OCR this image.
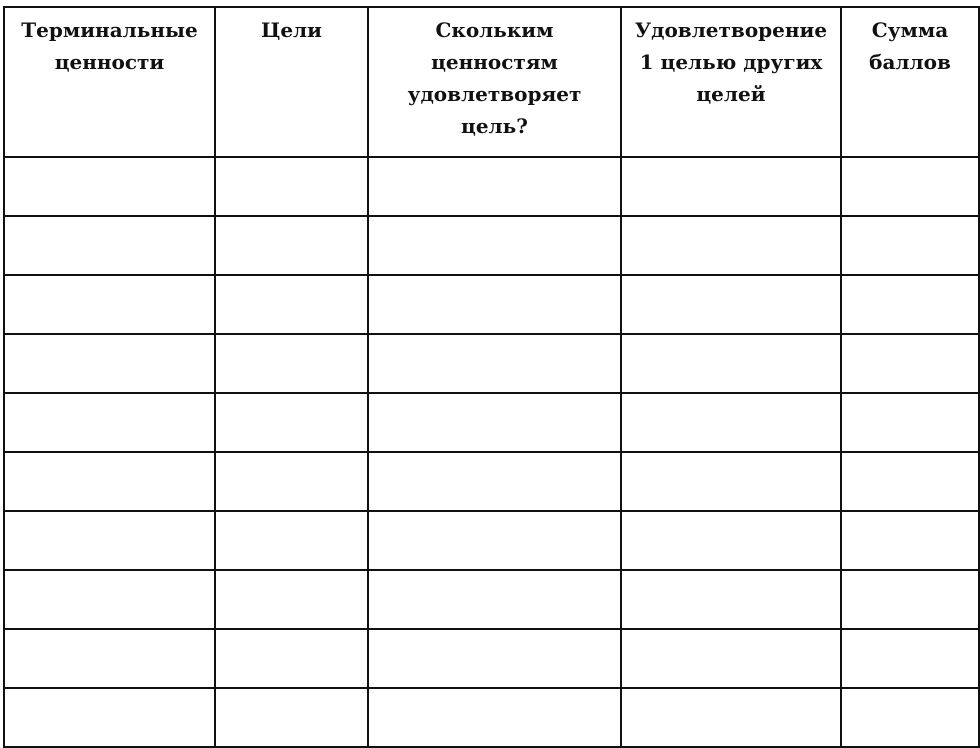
Терминальные ценности	Цели	Скольким ценностям удовлетворяет цель?	Удовлетворение 1 целью других целей	Сумма баллов
